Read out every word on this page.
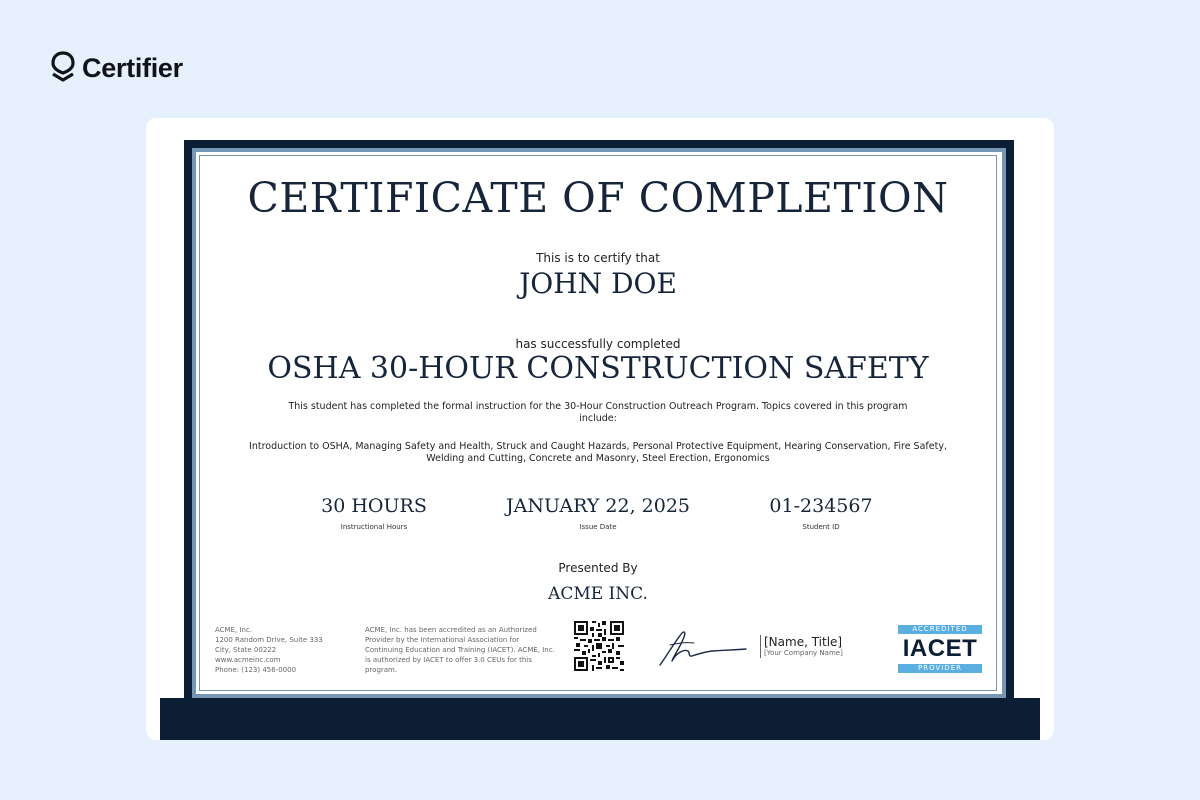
Certifier
CERTIFICATE OF COMPLETION
This is to certify that
JOHN DOE
has successfully completed
OSHA 30-HOUR CONSTRUCTION SAFETY
This student has completed the formal instruction for the 30-Hour Construction Outreach Program. Topics covered in this program include:
Introduction to OSHA, Managing Safety and Health, Struck and Caught Hazards, Personal Protective Equipment, Hearing Conservation, Fire Safety, Welding and Cutting, Concrete and Masonry, Steel Erection, Ergonomics
30 HOURS
Instructional Hours
JANUARY 22, 2025
Issue Date
01-234567
Student ID
Presented By
ACME INC.
ACME, Inc.
1200 Random Drive, Suite 333
City, State 00222
www.acmeinc.com
Phone: (123) 456-0000
ACME, Inc. has been accredited as an Authorized Provider by the International Association for Continuing Education and Training (IACET). ACME, Inc. is authorized by IACET to offer 3.0 CEUs for this program.
[Name, Title]
[Your Company Name]
ACCREDITED
IACET
PROVIDER
